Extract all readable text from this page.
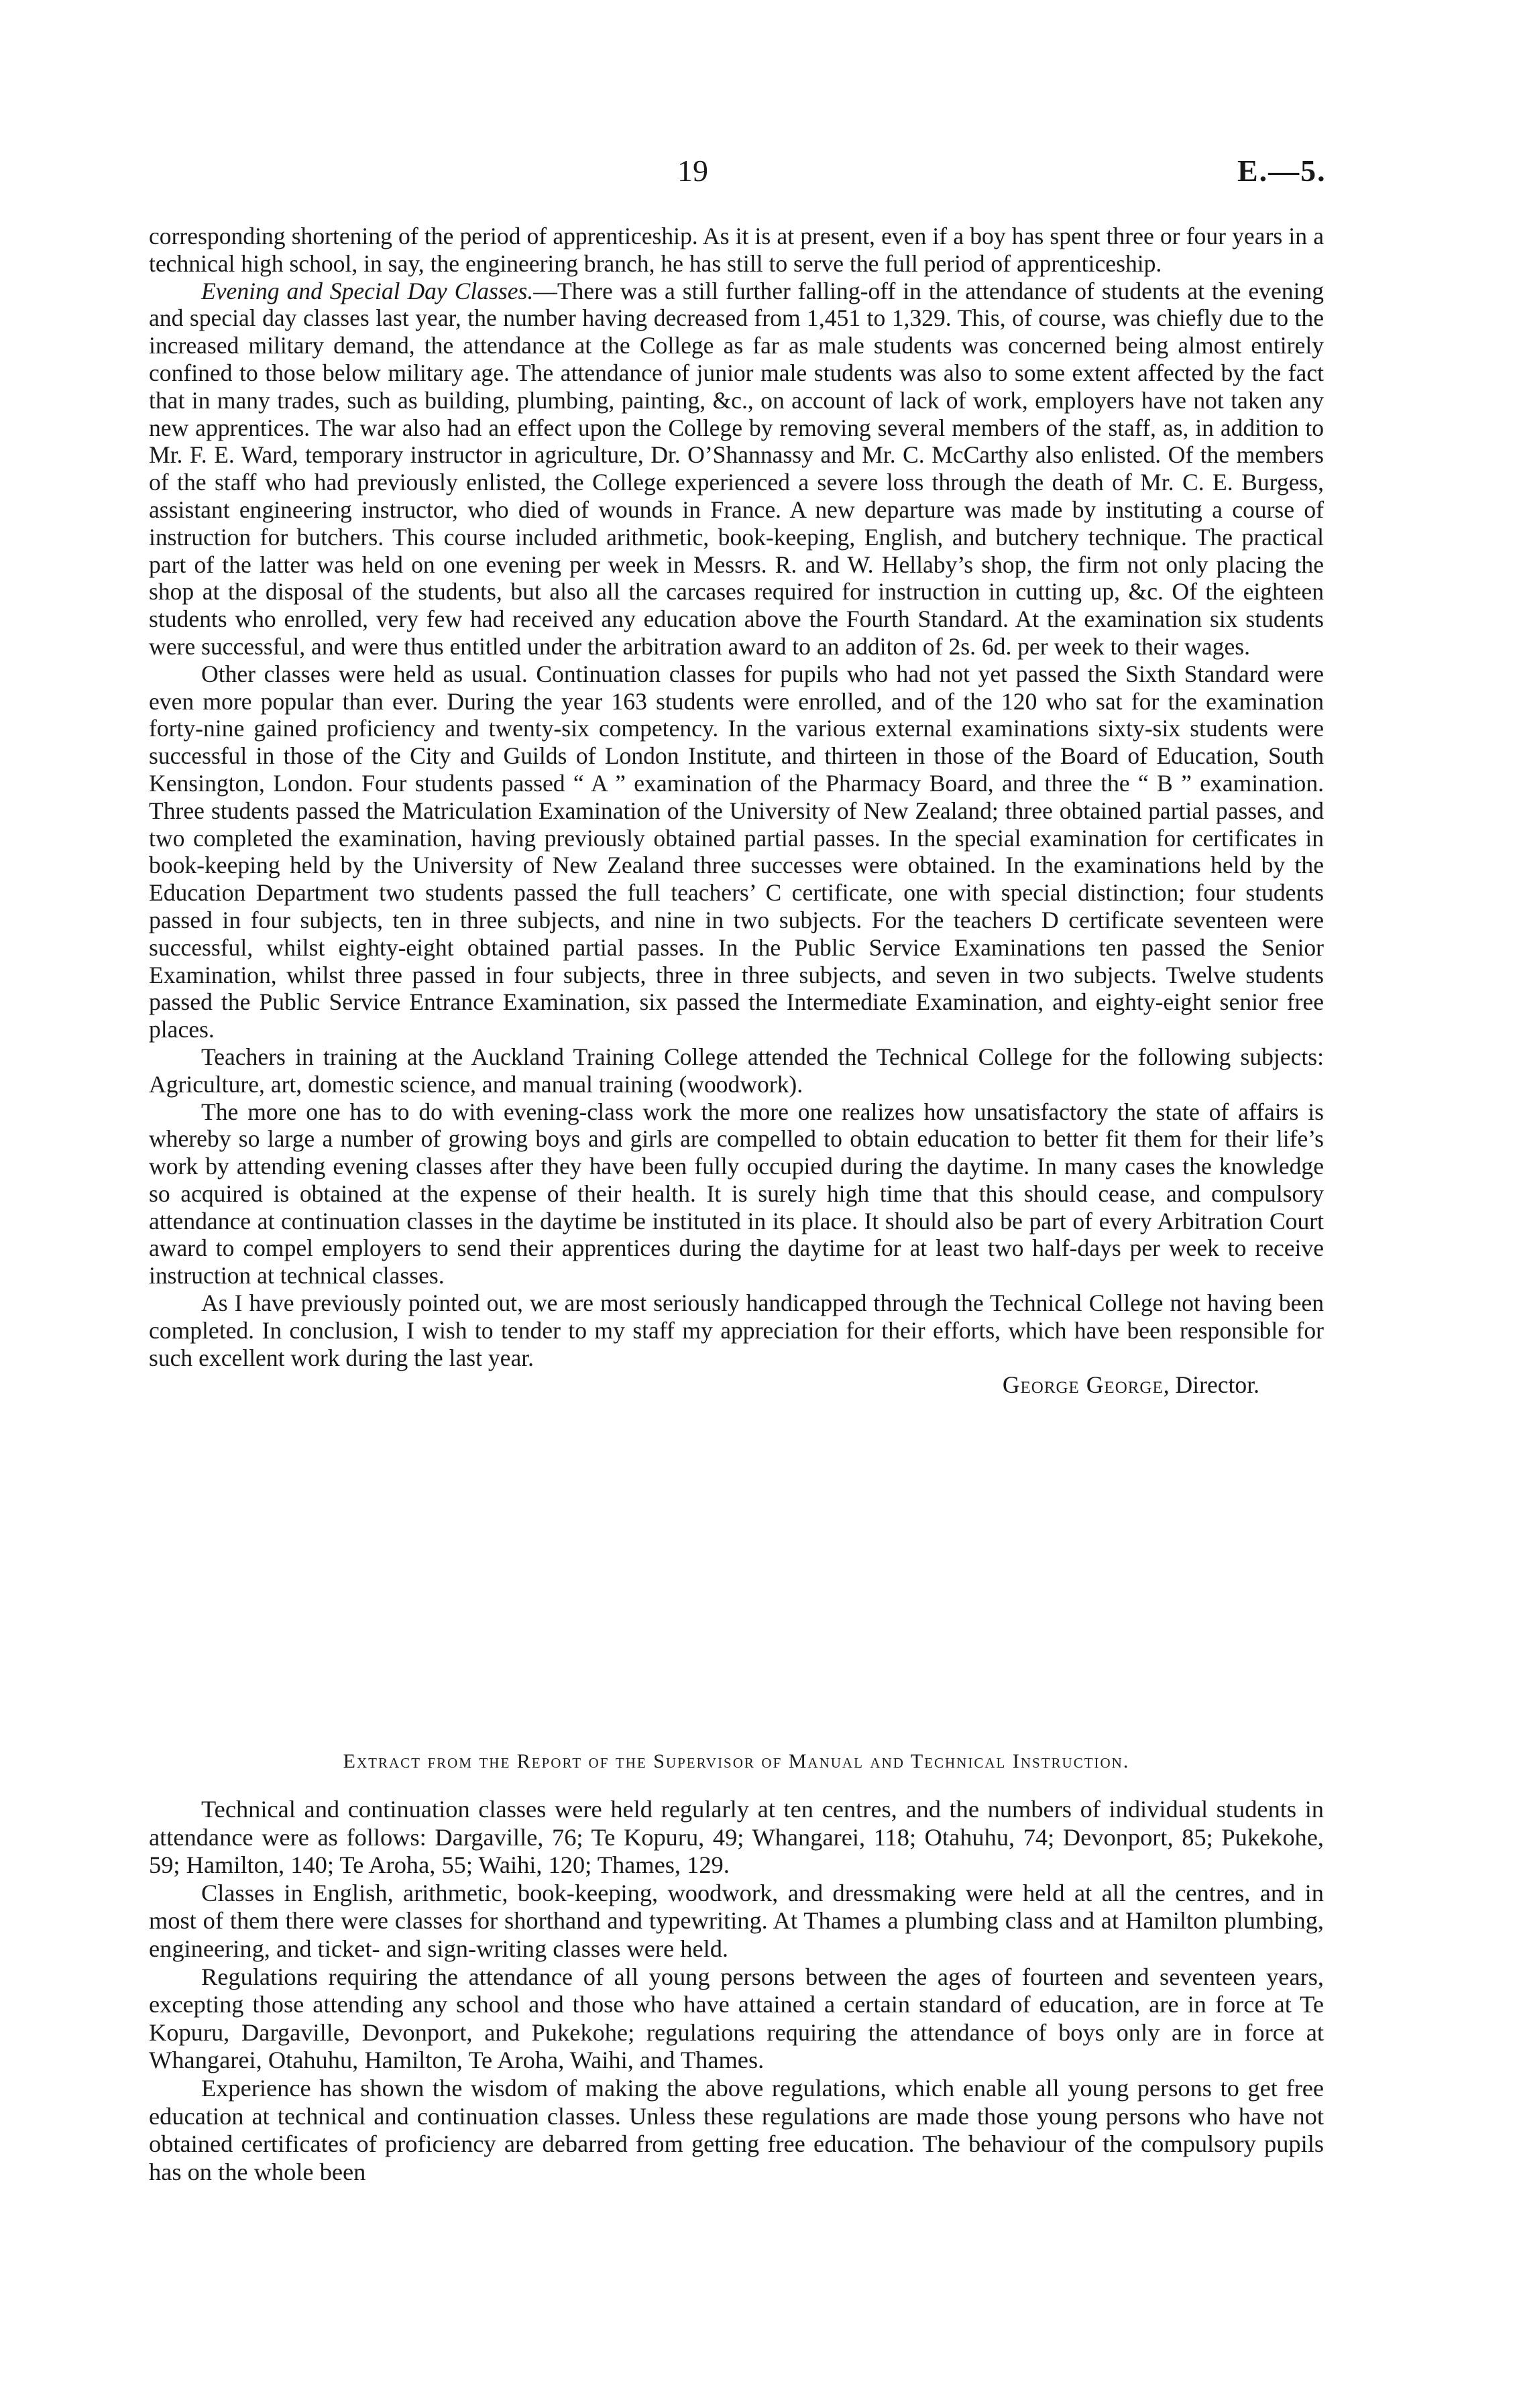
19	E.—5.

corresponding shortening of the period of apprenticeship. As it is at present, even if a boy has spent three or four years in a technical high school, in say, the engineering branch, he has still to serve the full period of apprenticeship.

Evening and Special Day Classes.—There was a still further falling-off in the attendance of students at the evening and special day classes last year, the number having decreased from 1,451 to 1,329. This, of course, was chiefly due to the increased military demand, the attendance at the College as far as male students was concerned being almost entirely confined to those below military age. The attendance of junior male students was also to some extent affected by the fact that in many trades, such as building, plumbing, painting, &c., on account of lack of work, employers have not taken any new apprentices. The war also had an effect upon the College by removing several members of the staff, as, in addition to Mr. F. E. Ward, temporary instructor in agriculture, Dr. O’Shannassy and Mr. C. McCarthy also enlisted. Of the members of the staff who had previously enlisted, the College experienced a severe loss through the death of Mr. C. E. Burgess, assistant engineering instructor, who died of wounds in France. A new departure was made by instituting a course of instruction for butchers. This course included arithmetic, book-keeping, English, and butchery technique. The practical part of the latter was held on one evening per week in Messrs. R. and W. Hellaby’s shop, the firm not only placing the shop at the disposal of the students, but also all the carcases required for instruction in cutting up, &c. Of the eighteen students who enrolled, very few had received any education above the Fourth Standard. At the examination six students were successful, and were thus entitled under the arbitration award to an additon of 2s. 6d. per week to their wages.

Other classes were held as usual. Continuation classes for pupils who had not yet passed the Sixth Standard were even more popular than ever. During the year 163 students were enrolled, and of the 120 who sat for the examination forty-nine gained proficiency and twenty-six competency. In the various external examinations sixty-six students were successful in those of the City and Guilds of London Institute, and thirteen in those of the Board of Education, South Kensington, London. Four students passed “ A ” examination of the Pharmacy Board, and three the “ B ” examination. Three students passed the Matriculation Examination of the University of New Zealand; three obtained partial passes, and two completed the examination, having previously obtained partial passes. In the special examination for certificates in book-keeping held by the University of New Zealand three successes were obtained. In the examinations held by the Education Department two students passed the full teachers’ C certificate, one with special distinction; four students passed in four subjects, ten in three subjects, and nine in two subjects. For the teachers D certificate seventeen were successful, whilst eighty-eight obtained partial passes. In the Public Service Examinations ten passed the Senior Examination, whilst three passed in four subjects, three in three subjects, and seven in two subjects. Twelve students passed the Public Service Entrance Examination, six passed the Intermediate Examination, and eighty-eight senior free places.

Teachers in training at the Auckland Training College attended the Technical College for the following subjects: Agriculture, art, domestic science, and manual training (woodwork).

The more one has to do with evening-class work the more one realizes how unsatisfactory the state of affairs is whereby so large a number of growing boys and girls are compelled to obtain education to better fit them for their life’s work by attending evening classes after they have been fully occupied during the daytime. In many cases the knowledge so acquired is obtained at the expense of their health. It is surely high time that this should cease, and compulsory attendance at continuation classes in the daytime be instituted in its place. It should also be part of every Arbitration Court award to compel employers to send their apprentices during the daytime for at least two half-days per week to receive instruction at technical classes.

As I have previously pointed out, we are most seriously handicapped through the Technical College not having been completed. In conclusion, I wish to tender to my staff my appreciation for their efforts, which have been responsible for such excellent work during the last year.

George George, Director.
Extract from the Report of the Supervisor of Manual and Technical Instruction.

Technical and continuation classes were held regularly at ten centres, and the numbers of individual students in attendance were as follows: Dargaville, 76; Te Kopuru, 49; Whangarei, 118; Otahuhu, 74; Devonport, 85; Pukekohe, 59; Hamilton, 140; Te Aroha, 55; Waihi, 120; Thames, 129.

Classes in English, arithmetic, book-keeping, woodwork, and dressmaking were held at all the centres, and in most of them there were classes for shorthand and typewriting. At Thames a plumbing class and at Hamilton plumbing, engineering, and ticket- and sign-writing classes were held.

Regulations requiring the attendance of all young persons between the ages of fourteen and seventeen years, excepting those attending any school and those who have attained a certain standard of education, are in force at Te Kopuru, Dargaville, Devonport, and Pukekohe; regulations requiring the attendance of boys only are in force at Whangarei, Otahuhu, Hamilton, Te Aroha, Waihi, and Thames.

Experience has shown the wisdom of making the above regulations, which enable all young persons to get free education at technical and continuation classes. Unless these regulations are made those young persons who have not obtained certificates of proficiency are debarred from getting free education. The behaviour of the compulsory pupils has on the whole been
